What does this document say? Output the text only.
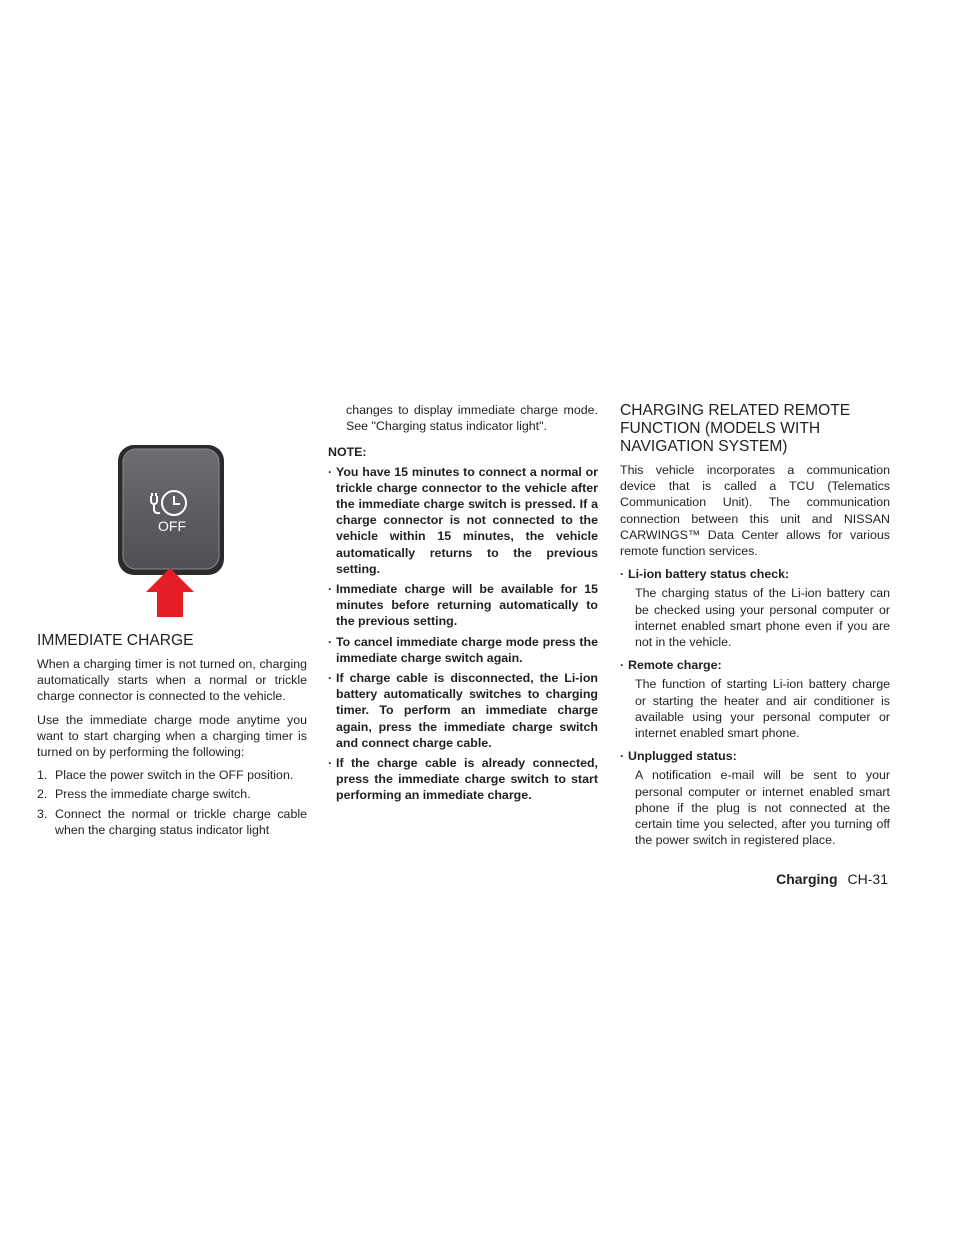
OFF
IMMEDIATE CHARGE

When a charging timer is not turned on, charging automatically starts when a normal or trickle charge connector is connected to the vehicle.

Use the immediate charge mode anytime you want to start charging when a charging timer is turned on by performing the following:

1. Place the power switch in the OFF position.
2. Press the immediate charge switch.
3. Connect the normal or trickle charge cable when the charging status indicator light

changes to display immediate charge mode. See "Charging status indicator light".

NOTE:
· You have 15 minutes to connect a normal or trickle charge connector to the vehicle after the immediate charge switch is pressed. If a charge connector is not connected to the vehicle within 15 minutes, the vehicle automatically returns to the previous setting.
· Immediate charge will be available for 15 minutes before returning automatically to the previous setting.
· To cancel immediate charge mode press the immediate charge switch again.
· If charge cable is disconnected, the Li-ion battery automatically switches to charging timer. To perform an immediate charge again, press the immediate charge switch and connect charge cable.
· If the charge cable is already connected, press the immediate charge switch to start performing an immediate charge.
CHARGING RELATED REMOTE FUNCTION (MODELS WITH NAVIGATION SYSTEM)

This vehicle incorporates a communication device that is called a TCU (Telematics Communication Unit). The communication connection between this unit and NISSAN CARWINGS™ Data Center allows for various remote function services.

· Li-ion battery status check:

The charging status of the Li-ion battery can be checked using your personal computer or internet enabled smart phone even if you are not in the vehicle.

· Remote charge:

The function of starting Li-ion battery charge or starting the heater and air conditioner is available using your personal computer or internet enabled smart phone.

· Unplugged status:

A notification e-mail will be sent to your personal computer or internet enabled smart phone if the plug is not connected at the certain time you selected, after you turning off the power switch in registered place.

Charging CH-31
